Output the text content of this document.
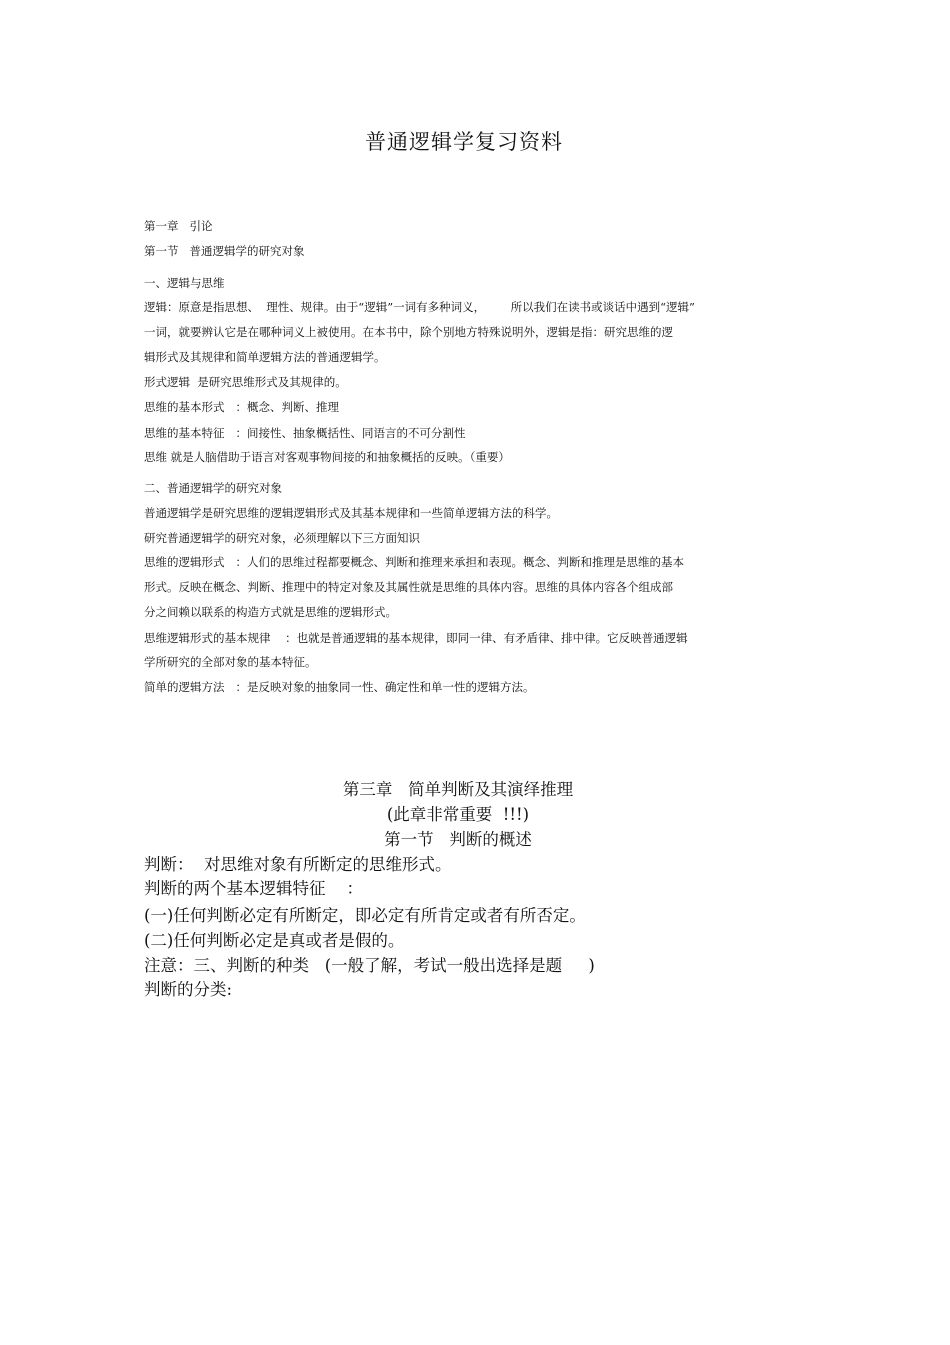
普通逻辑学复习资料
第一章   引论
第一节   普通逻辑学的研究对象
一、逻辑与思维
逻辑：原意是指思想、  理性、规律。由于“逻辑”一词有多种词义，       所以我们在读书或谈话中遇到“逻辑”
一词，就要辨认它是在哪种词义上被使用。在本书中，除个别地方特殊说明外，逻辑是指：研究思维的逻
辑形式及其规律和简单逻辑方法的普通逻辑学。
形式逻辑  是研究思维形式及其规律的。
思维的基本形式   ：概念、判断、推理
思维的基本特征   ：间接性、抽象概括性、同语言的不可分割性
思维 就是人脑借助于语言对客观事物间接的和抽象概括的反映。（重要）
二、普通逻辑学的研究对象
普通逻辑学是研究思维的逻辑逻辑形式及其基本规律和一些简单逻辑方法的科学。
研究普通逻辑学的研究对象，必须理解以下三方面知识
思维的逻辑形式   ：人们的思维过程都要概念、判断和推理来承担和表现。概念、判断和推理是思维的基本
形式。反映在概念、判断、推理中的特定对象及其属性就是思维的具体内容。思维的具体内容各个组成部
分之间赖以联系的构造方式就是思维的逻辑形式。
思维逻辑形式的基本规律    ：也就是普通逻辑的基本规律，即同一律、有矛盾律、排中律。它反映普通逻辑
学所研究的全部对象的基本特征。
简单的逻辑方法   ：是反映对象的抽象同一性、确定性和单一性的逻辑方法。
第三章   简单判断及其演绎推理
(此章非常重要  !!!)
第一节   判断的概述
判断：  对思维对象有所断定的思维形式。
判断的两个基本逻辑特征    ：
(一)任何判断必定有所断定，即必定有所肯定或者有所否定。
(二)任何判断必定是真或者是假的。
注意：三、判断的种类   (一般了解，考试一般出选择是题     )
判断的分类:
